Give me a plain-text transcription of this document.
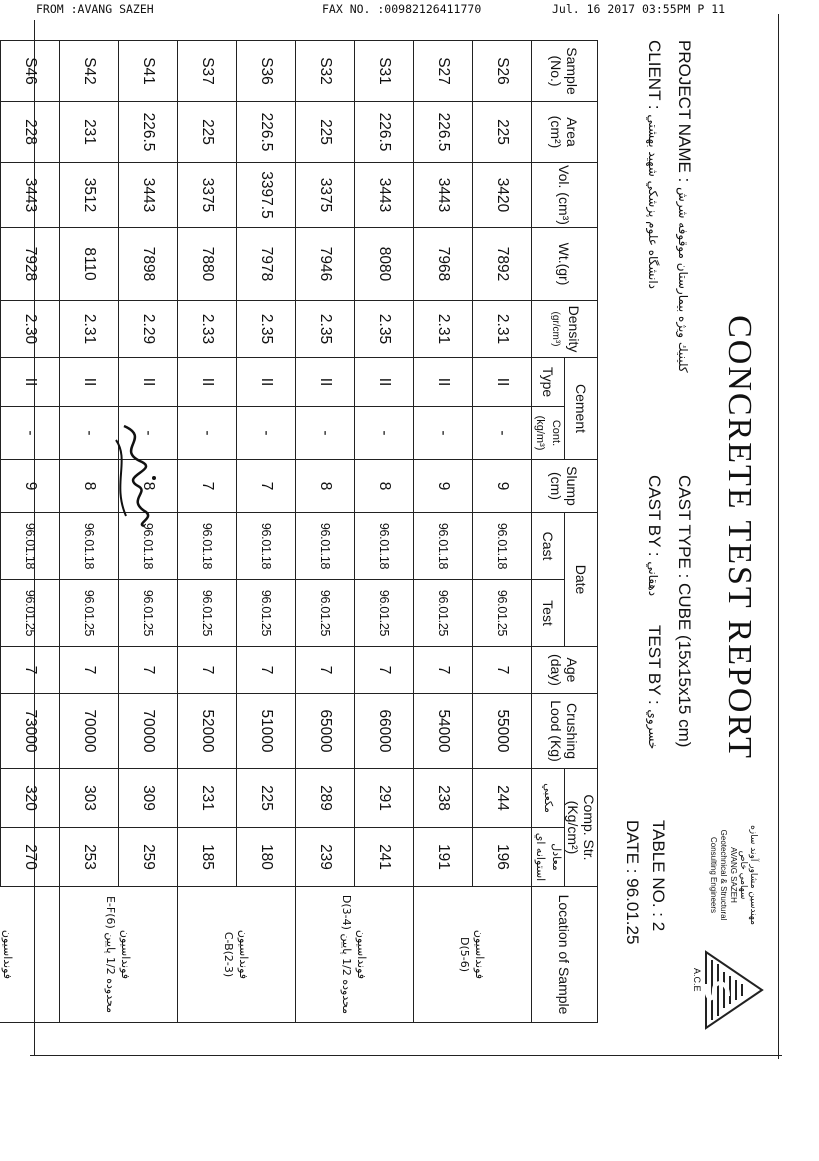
FROM :AVANG SAZEH	FAX NO. :00982126411770	Jul. 16 2017 03:55PM P 11
CONCRETE TEST REPORT
PROJECT NAME : كلينيك ويژه بيمارستان موقوفه شرش
CLIENT : دانشگاه علوم پزشكي شهيد بهشتي
CAST TYPE : CUBE (15x15x15 cm)
CAST BY : دهقاني
TEST BY : خسروي
TABLE NO. : 2
DATE : 96.01.25	مهندسين مشاور آوند سازه
سهامي خاص
AVANG SAZEH
Geotechnical & Structural
Consulting Engineers
A.C.E
Sample (No.)	Area (cm²)	Vol. (cm³)	Wt.(gr)	Density
(gr/cm³)	Cement		Slump (cm)	Date		Age (day)	Crushing Lood (Kg)	Comp. Str. (Kg/cm²)		Location of Sample
					Type	Cont. (kg/m³)		Cast	Test			مكعبي	معادل استوانه اي	
S26	225	3420	7892	2.31	II	-	9	96.01.18	96.01.25	7	55000	244	196	فونداسيون
D(5-6)

S27	226.5	3443	7968	2.31	II	-	9	96.01.18	96.01.25	7	54000	238	191	
S31	226.5	3443	8080	2.35	II	-	8	96.01.18	96.01.25	7	66000	291	241	فونداسيون
محدوده 1/2 پايين D(3-4)

S32	225	3375	7946	2.35	II	-	8	96.01.18	96.01.25	7	65000	289	239	
S36	226.5	3397.5	7978	2.35	II	-	7	96.01.18	96.01.25	7	51000	225	180	فونداسيون
C-B(2-3)

S37	225	3375	7880	2.33	II	-	7	96.01.18	96.01.25	7	52000	231	185	
S41	226.5	3443	7898	2.29	II	-	8	96.01.18	96.01.25	7	70000	309	259	فونداسيون
محدوده 1/2 پايين E-F(6)

S42	231	3512	8110	2.31	II	-	8	96.01.18	96.01.25	7	70000	303	253	
S46	228	3443	7928	2.30	II	-	9	96.01.18	96.01.25	7	73000	320	270	فونداسيون
